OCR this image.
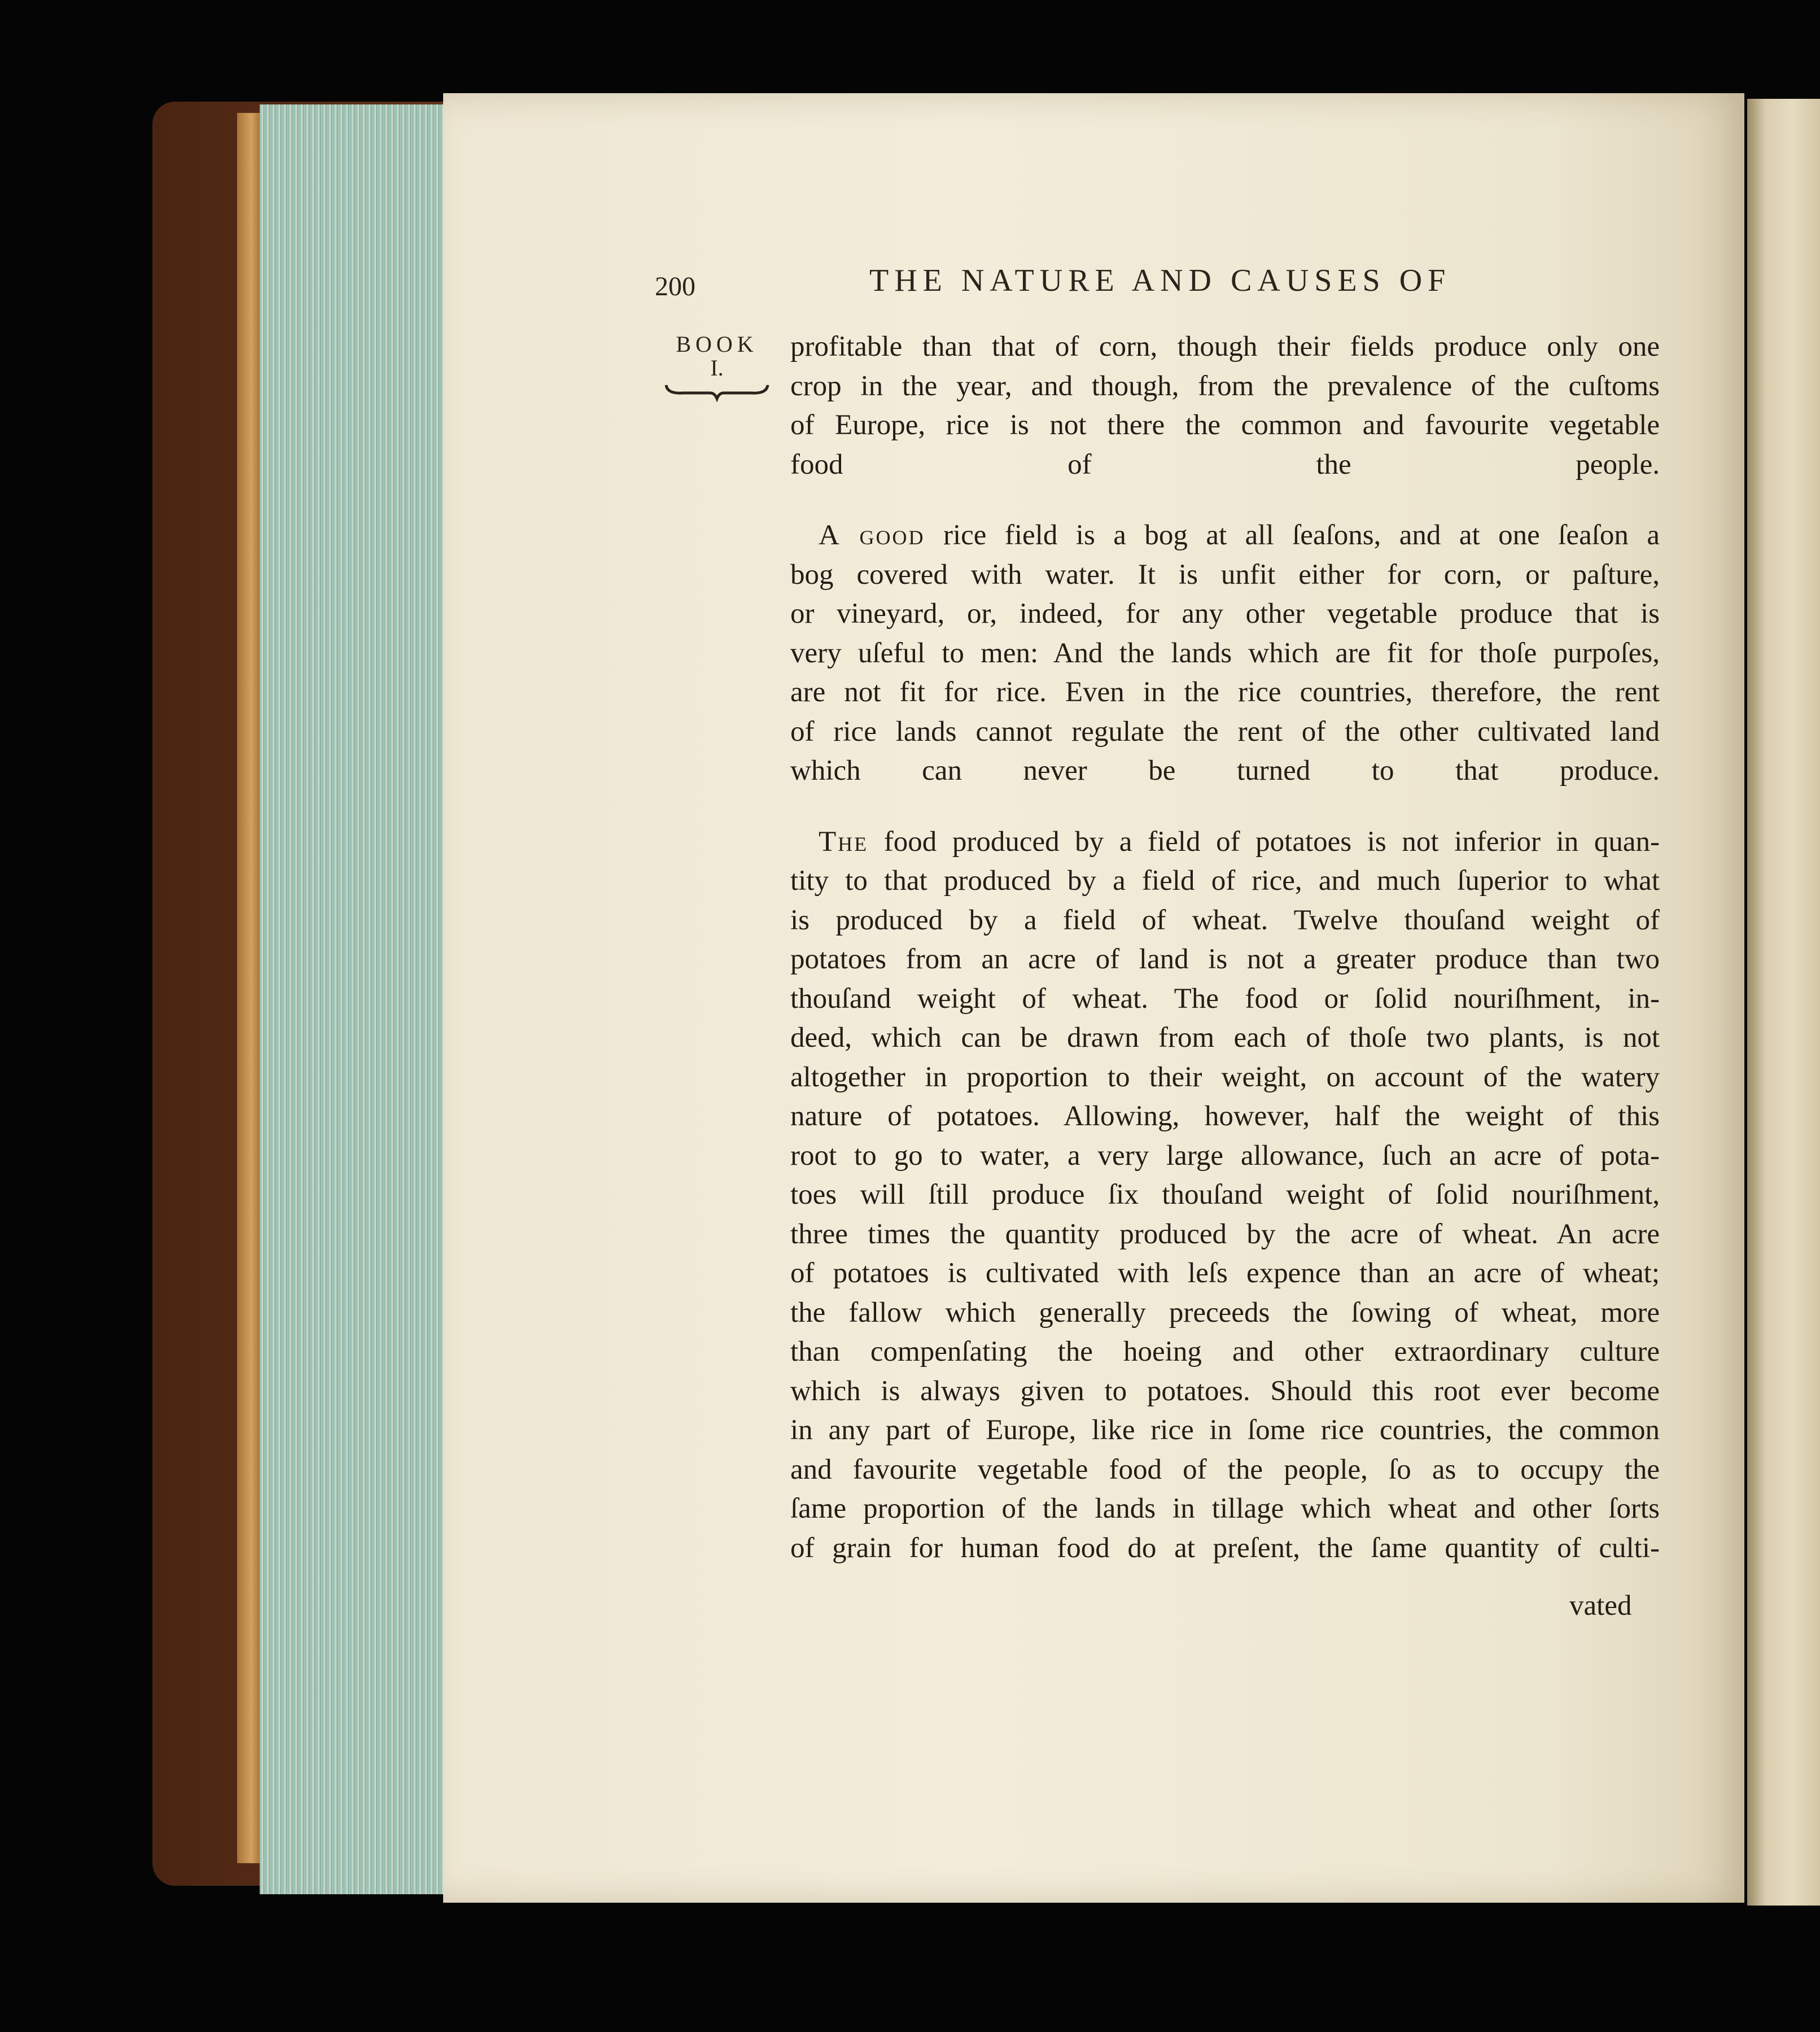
200	THE NATURE AND CAUSES OF
BOOK
I.

profitable than that of corn, though their fields produce only one
crop in the year, and though, from the prevalence of the cuſtoms
of Europe, rice is not there the common and favourite vegetable
food of the people.

A good rice field is a bog at all ſeaſons, and at one ſeaſon a
bog covered with water. It is unfit either for corn, or paſture,
or vineyard, or, indeed, for any other vegetable produce that is
very uſeful to men: And the lands which are fit for thoſe purpoſes,
are not fit for rice. Even in the rice countries, therefore, the rent
of rice lands cannot regulate the rent of the other cultivated land
which can never be turned to that produce.

The food produced by a field of potatoes is not inferior in quan-
tity to that produced by a field of rice, and much ſuperior to what
is produced by a field of wheat. Twelve thouſand weight of
potatoes from an acre of land is not a greater produce than two
thouſand weight of wheat. The food or ſolid nouriſhment, in-
deed, which can be drawn from each of thoſe two plants, is not
altogether in proportion to their weight, on account of the watery
nature of potatoes. Allowing, however, half the weight of this
root to go to water, a very large allowance, ſuch an acre of pota-
toes will ſtill produce ſix thouſand weight of ſolid nouriſhment,
three times the quantity produced by the acre of wheat. An acre
of potatoes is cultivated with leſs expence than an acre of wheat;
the fallow which generally preceeds the ſowing of wheat, more
than compenſating the hoeing and other extraordinary culture
which is always given to potatoes. Should this root ever become
in any part of Europe, like rice in ſome rice countries, the common
and favourite vegetable food of the people, ſo as to occupy the
ſame proportion of the lands in tillage which wheat and other ſorts
of grain for human food do at preſent, the ſame quantity of culti-

vated
